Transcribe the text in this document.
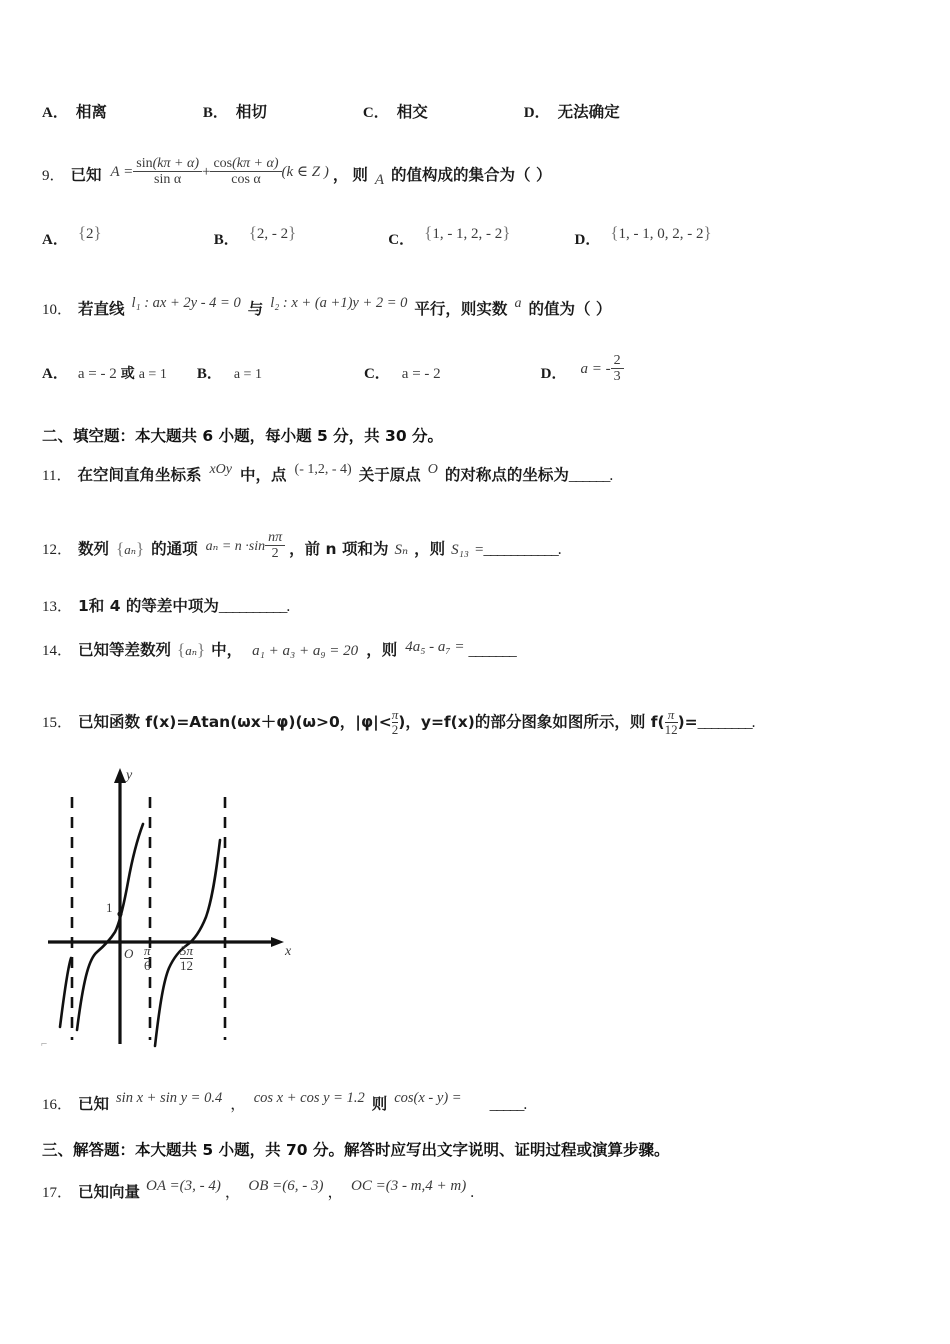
A． 相离	B． 相切	C． 相交	D． 无法确定
9． 已知 $A = \frac{\sin(k\pi + \alpha)}{\text{sin α}} + \frac{\cos(k\pi + \alpha)}{\text{cos α}} (k$ ∈ Z ) ， 则 A 的值构成的集合为（ ）
A． {2}	B． {2, - 2}	C． {1, - 1, 2, - 2}	D． {1, - 1, 0, 2, - 2}
10． 若直线 l₁ : ax + 2y - 4 = 0 与 l₂ : x + (a +1)y + 2 = 0 平行，则实数 a 的值为（ ）
A． a = - 2 或 a = 1 B． a = 1	C． a = - 2	D． a = - $\frac{2}{3}$
二、填空题：本大题共 6 小题，每小题 5 分，共 30 分。
11． 在空间直角坐标系 xOy 中，点 (- 1,2, - 4) 关于原点 O 的对称点的坐标为______.
12． 数列 {aₙ} 的通项 $a_n = n \cdot\sin \frac{n\pi}{2}$ ，前 n 项和为 Sₙ ，则 S₁₃ =___________.
13． 1和 4 的等差中项为__________.
14． 已知等差数列 {aₙ} 中， a₁ + a₃ + a₉ = 20 ，则 4a₅ - a₇ = _______
15． 已知函数 f(x)=Atan(ωx＋φ)(ω>0，$|\varphi|< \frac{\pi}{2}$ )，y=f(x)的部分图象如图所示，则 $f( \frac{\pi}{12}$ )=________.
y
x
O
1
$\frac{\pi}{6} \frac{5\pi}{12}$
⌐
16． 已知 sin x + sin y = 0.4 ， cos x + cos y = 1.2 则 cos(x - y) = _____.
三、解答题：本大题共 5 小题，共 70 分。解答时应写出文字说明、证明过程或演算步骤。
17． 已知向量 OA =(3, - 4) ， OB =(6, - 3) ， OC =(3 - m,4 + m) .
